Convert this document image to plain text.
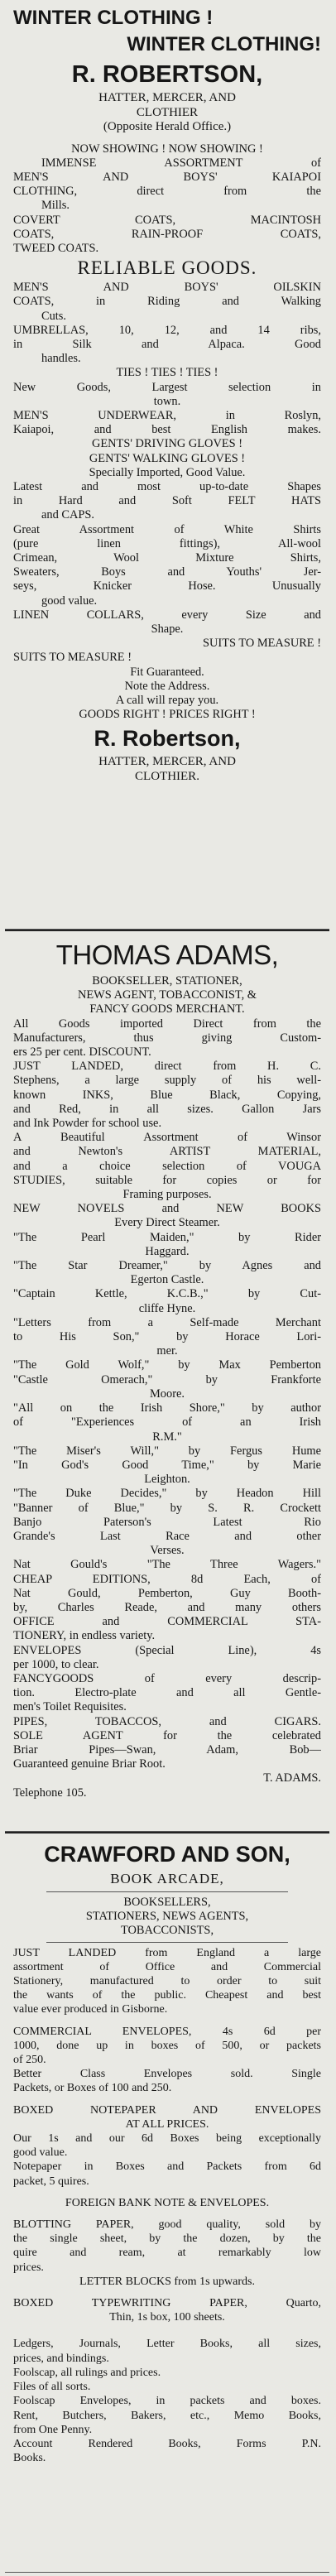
WINTER CLOTHING !
WINTER CLOTHING!
R. ROBERTSON,
HATTER, MERCER, AND
CLOTHIER
(Opposite Herald Office.)
NOW SHOWING ! NOW SHOWING !
IMMENSE ASSORTMENT of
MEN'S AND BOYS' KAIAPOI
CLOTHING, direct from the
Mills.
COVERT COATS, MACINTOSH
COATS, RAIN-PROOF COATS,
TWEED COATS.
RELIABLE GOODS.
MEN'S AND BOYS' OILSKIN
COATS, in Riding and Walking
Cuts.
UMBRELLAS, 10, 12, and 14 ribs,
in Silk and Alpaca. Good
handles.
TIES ! TIES ! TIES !
New Goods, Largest selection in
town.
MEN'S UNDERWEAR, in Roslyn,
Kaiapoi, and best English makes.
GENTS' DRIVING GLOVES !
GENTS' WALKING GLOVES !
Specially Imported, Good Value.
Latest and most up-to-date Shapes
in Hard and Soft FELT HATS
and CAPS.
Great Assortment of White Shirts
(pure linen fittings), All-wool
Crimean, Wool Mixture Shirts,
Sweaters, Boys and Youths' Jer-
seys, Knicker Hose. Unusually
good value.
LINEN COLLARS, every Size and
Shape.
SUITS TO MEASURE !
SUITS TO MEASURE !
Fit Guaranteed.
Note the Address.
A call will repay you.
GOODS RIGHT ! PRICES RIGHT !
R. Robertson,
HATTER, MERCER, AND
CLOTHIER.
THOMAS ADAMS,
BOOKSELLER, STATIONER,
NEWS AGENT, TOBACCONIST, &
FANCY GOODS MERCHANT.
All Goods imported Direct from the
Manufacturers, thus giving Custom-
ers 25 per cent. DISCOUNT.
JUST LANDED, direct from H. C.
Stephens, a large supply of his well-
known INKS, Blue Black, Copying,
and Red, in all sizes. Gallon Jars
and Ink Powder for school use.
A Beautiful Assortment of Winsor
and Newton's ARTIST MATERIAL,
and a choice selection of VOUGA
STUDIES, suitable for copies or for
Framing purposes.
NEW NOVELS and NEW BOOKS
Every Direct Steamer.
"The Pearl Maiden," by Rider
Haggard.
"The Star Dreamer," by Agnes and
Egerton Castle.
"Captain Kettle, K.C.B.," by Cut-
cliffe Hyne.
"Letters from a Self-made Merchant
to His Son," by Horace Lori-
mer.
"The Gold Wolf," by Max Pemberton
"Castle Omerach," by Frankforte
Moore.
"All on the Irish Shore," by author
of "Experiences of an Irish
R.M."
"The Miser's Will," by Fergus Hume
"In God's Good Time," by Marie
Leighton.
"The Duke Decides," by Headon Hill
"Banner of Blue," by S. R. Crockett
Banjo Paterson's Latest Rio
Grande's Last Race and other
Verses.
Nat Gould's "The Three Wagers."
CHEAP EDITIONS, 8d Each, of
Nat Gould, Pemberton, Guy Booth-
by, Charles Reade, and many others
OFFICE and COMMERCIAL STA-
TIONERY, in endless variety.
ENVELOPES (Special Line), 4s
per 1000, to clear.
FANCYGOODS of every descrip-
tion. Electro-plate and all Gentle-
men's Toilet Requisites.
PIPES, TOBACCOS, and CIGARS.
SOLE AGENT for the celebrated
Briar Pipes—Swan, Adam, Bob—
Guaranteed genuine Briar Root.
T. ADAMS.
Telephone 105.
CRAWFORD AND SON,
BOOK ARCADE,
BOOKSELLERS,
STATIONERS, NEWS AGENTS,
TOBACCONISTS,
JUST LANDED from England a large
assortment of Office and Commercial
Stationery, manufactured to order to suit
the wants of the public. Cheapest and best
value ever produced in Gisborne.
COMMERCIAL ENVELOPES, 4s 6d per
1000, done up in boxes of 500, or packets
of 250.
Better Class Envelopes sold. Single
Packets, or Boxes of 100 and 250.
BOXED NOTEPAPER AND ENVELOPES
AT ALL PRICES.
Our 1s and our 6d Boxes being exceptionally
good value.
Notepaper in Boxes and Packets from 6d
packet, 5 quires.
FOREIGN BANK NOTE & ENVELOPES.
BLOTTING PAPER, good quality, sold by
the single sheet, by the dozen, by the
quire and ream, at remarkably low
prices.
LETTER BLOCKS from 1s upwards.
BOXED TYPEWRITING PAPER, Quarto,
Thin, 1s box, 100 sheets.
Ledgers, Journals, Letter Books, all sizes,
prices, and bindings.
Foolscap, all rulings and prices.
Files of all sorts.
Foolscap Envelopes, in packets and boxes.
Rent, Butchers, Bakers, etc., Memo Books,
from One Penny.
Account Rendered Books, Forms P.N.
Books.
